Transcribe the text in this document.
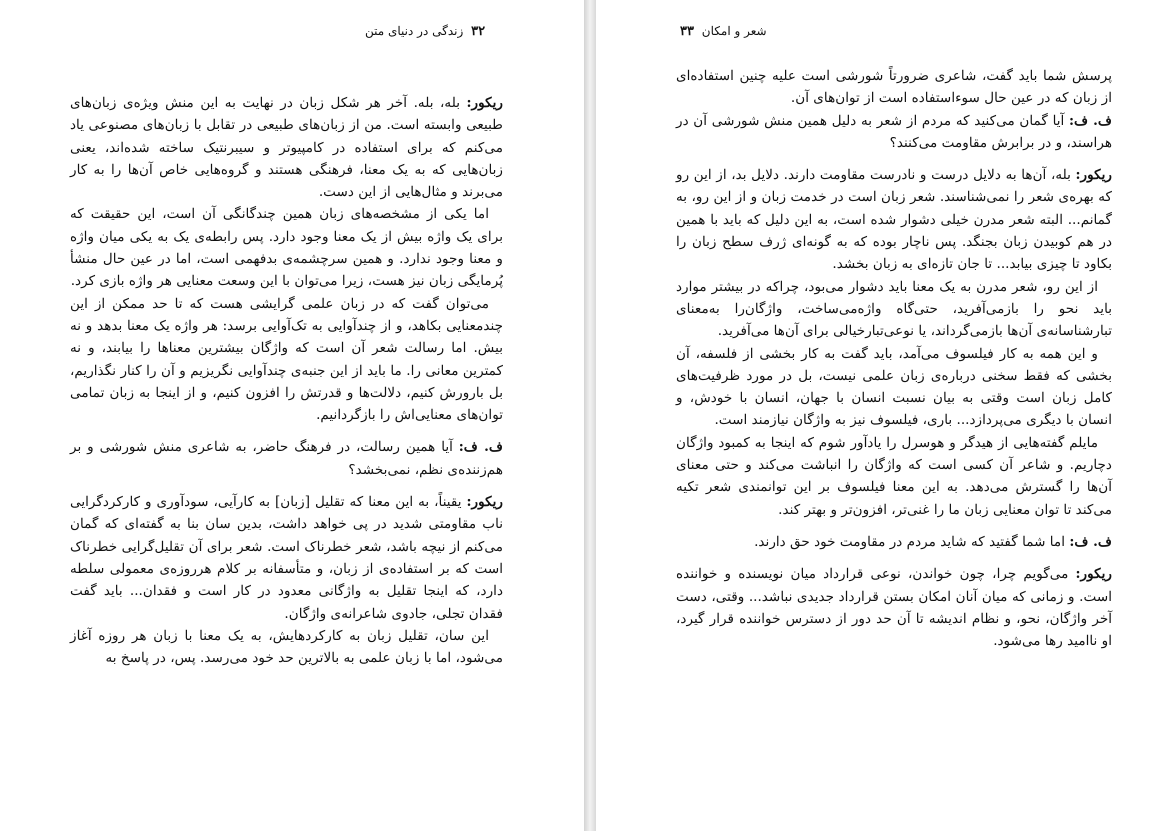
۳۲ زندگی در دنیای متن

ریکور: بله، بله. آخر هر شکل زبان در نهایت به این منش ویژه‌ی زبان‌های طبیعی وابسته است. من از زبان‌های طبیعی در تقابل با زبان‌های مصنوعی یاد می‌کنم که برای استفاده در کامپیوتر و سیبرنتیک ساخته شده‌اند، یعنی زبان‌هایی که به یک معنا، فرهنگی هستند و گروه‌هایی خاص آن‌ها را به کار می‌برند و مثال‌هایی از این دست.

اما یکی از مشخصه‌های زبان همین چندگانگی آن است، این حقیقت که برای یک واژه بیش از یک معنا وجود دارد. پس رابطه‌ی یک به یکی میان واژه و معنا وجود ندارد. و همین سرچشمه‌ی بدفهمی است، اما در عین حال منشأ پُرمایگی زبان نیز هست، زیرا می‌توان با این وسعت معنایی هر واژه بازی کرد.

می‌توان گفت که در زبان علمی گرایشی هست که تا حد ممکن از این چندمعنایی بکاهد، و از چندآوایی به تک‌آوایی برسد: هر واژه یک معنا بدهد و نه بیش. اما رسالت شعر آن است که واژگان بیشترین معناها را بیابند، و نه کمترین معانی را. ما باید از این جنبه‌ی چندآوایی نگریزیم و آن را کنار نگذاریم، بل بارورش کنیم، دلالت‌ها و قدرتش را افزون کنیم، و از اینجا به زبان تمامی توان‌های معنایی‌اش را بازگردانیم.

ف. ف: آیا همین رسالت، در فرهنگ حاضر، به شاعری منش شورشی و بر هم‌زننده‌ی نظم، نمی‌بخشد؟

ریکور: یقیناً، به این معنا که تقلیل [زبان] به کارآیی، سودآوری و کارکردگرایی ناب مقاومتی شدید در پی خواهد داشت، بدین سان بنا به گفته‌ای که گمان می‌کنم از نیچه باشد، شعر خطرناک است. شعر برای آن تقلیل‌گرایی خطرناک است که بر استفاده‌ی از زبان، و متأسفانه بر کلام هرروزه‌ی معمولی سلطه دارد، که اینجا تقلیل به واژگانی معدود در کار است و فقدان... باید گفت فقدان تجلی، جادوی شاعرانه‌ی واژگان.

این سان، تقلیل زبان به کارکردهایش، به یک معنا با زبان هر روزه آغاز می‌شود، اما با زبان علمی به بالاترین حد خود می‌رسد. پس، در پاسخ به

شعر و امکان ۳۳

پرسش شما باید گفت، شاعری ضرورتاً شورشی است علیه چنین استفاده‌ای از زبان که در عین حال سوءاستفاده است از توان‌های آن.

ف. ف: آیا گمان می‌کنید که مردم از شعر به دلیل همین منش شورشی آن در هراسند، و در برابرش مقاومت می‌کنند؟

ریکور: بله، آن‌ها به دلایل درست و نادرست مقاومت دارند. دلایل بد، از این رو که بهره‌ی شعر را نمی‌شناسند. شعر زبان است در خدمت زبان و از این رو، به گمانم... البته شعر مدرن خیلی دشوار شده است، به این دلیل که باید با همین در هم کوبیدن زبان بجنگد. پس ناچار بوده که به گونه‌ای ژرف سطح زبان را بکاود تا چیزی بیابد... تا جان تازه‌ای به زبان بخشد.

از این رو، شعر مدرن به یک معنا باید دشوار می‌بود، چراکه در بیشتر موارد باید نحو را بازمی‌آفرید، حتی‌گاه واژه‌می‌ساخت، واژگان‌را به‌معنای تبارشناسانه‌ی آن‌ها بازمی‌گرداند، یا نوعی‌تبارخیالی برای آن‌ها می‌آفرید.

و این همه به کار فیلسوف می‌آمد، باید گفت به کار بخشی از فلسفه، آن بخشی که فقط سخنی درباره‌ی زبان علمی نیست، بل در مورد ظرفیت‌های کامل زبان است وقتی به بیان نسبت انسان با جهان، انسان با خودش، و انسان با دیگری می‌پردازد... باری، فیلسوف نیز به واژگان نیازمند است.

مایلم گفته‌هایی از هیدگر و هوسرل را یادآور شوم که اینجا به کمبود واژگان دچاریم. و شاعر آن کسی است که واژگان را انباشت می‌کند و حتی معنای آن‌ها را گسترش می‌دهد. به این معنا فیلسوف بر این توانمندی شعر تکیه می‌کند تا توان معنایی زبان ما را غنی‌تر، افزون‌تر و بهتر کند.

ف. ف: اما شما گفتید که شاید مردم در مقاومت خود حق دارند.

ریکور: می‌گویم چرا، چون خواندن، نوعی قرارداد میان نویسنده و خواننده است. و زمانی که میان آنان امکان بستن قرارداد جدیدی نباشد... وقتی، دست آخر واژگان، نحو، و نظام اندیشه تا آن حد دور از دسترس خواننده قرار گیرد، او ناامید رها می‌شود.
